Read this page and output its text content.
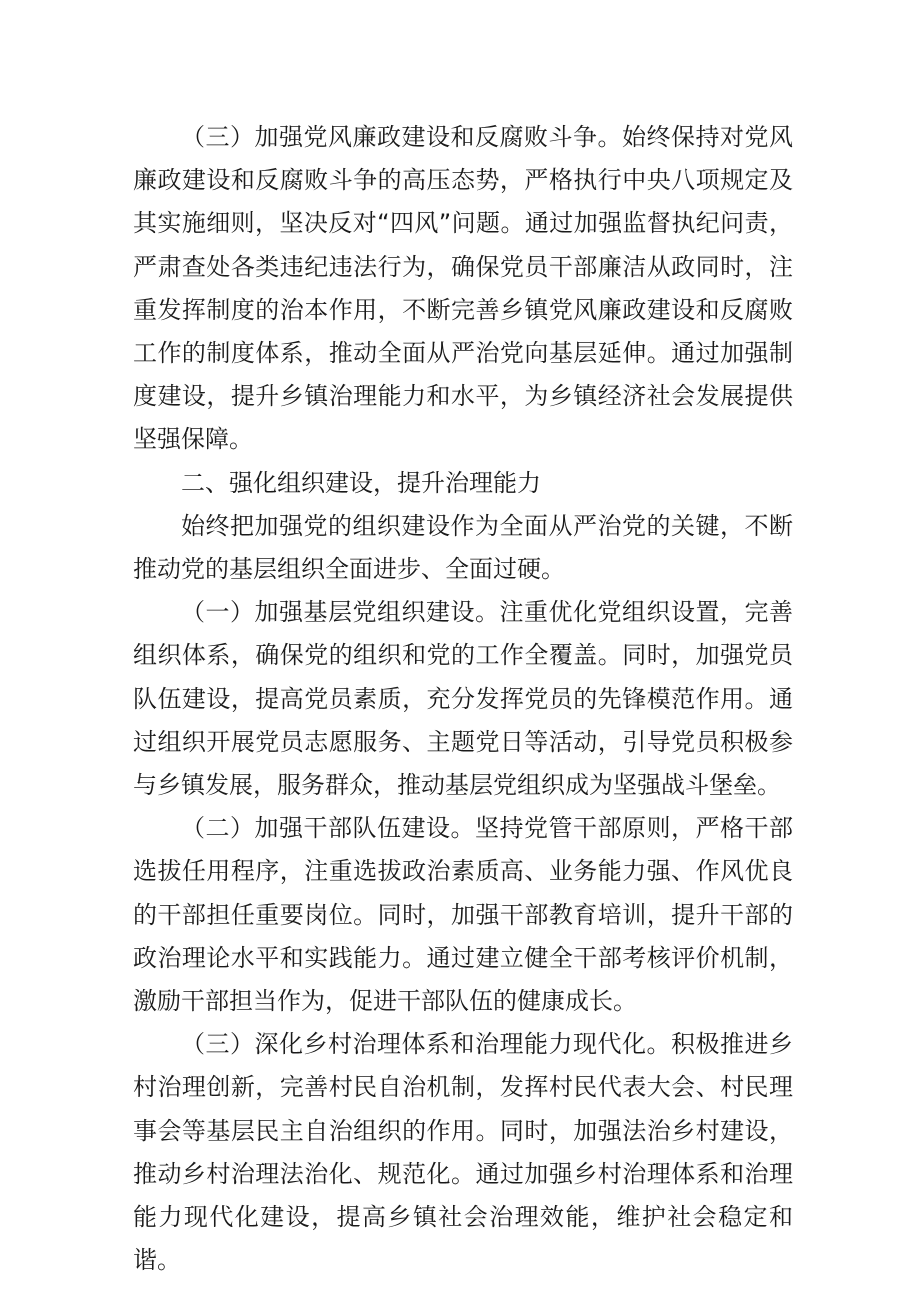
（三）加强党风廉政建设和反腐败斗争。始终保持对党风廉政建设和反腐败斗争的高压态势，严格执行中央八项规定及其实施细则，坚决反对“四风”问题。通过加强监督执纪问责，严肃查处各类违纪违法行为，确保党员干部廉洁从政同时，注重发挥制度的治本作用，不断完善乡镇党风廉政建设和反腐败工作的制度体系，推动全面从严治党向基层延伸。通过加强制度建设，提升乡镇治理能力和水平，为乡镇经济社会发展提供坚强保障。

二、强化组织建设，提升治理能力

始终把加强党的组织建设作为全面从严治党的关键，不断推动党的基层组织全面进步、全面过硬。

（一）加强基层党组织建设。注重优化党组织设置，完善组织体系，确保党的组织和党的工作全覆盖。同时，加强党员队伍建设，提高党员素质，充分发挥党员的先锋模范作用。通过组织开展党员志愿服务、主题党日等活动，引导党员积极参与乡镇发展，服务群众，推动基层党组织成为坚强战斗堡垒。

（二）加强干部队伍建设。坚持党管干部原则，严格干部选拔任用程序，注重选拔政治素质高、业务能力强、作风优良的干部担任重要岗位。同时，加强干部教育培训，提升干部的政治理论水平和实践能力。通过建立健全干部考核评价机制，激励干部担当作为，促进干部队伍的健康成长。

（三）深化乡村治理体系和治理能力现代化。积极推进乡村治理创新，完善村民自治机制，发挥村民代表大会、村民理事会等基层民主自治组织的作用。同时，加强法治乡村建设，推动乡村治理法治化、规范化。通过加强乡村治理体系和治理能力现代化建设，提高乡镇社会治理效能，维护社会稳定和谐。
